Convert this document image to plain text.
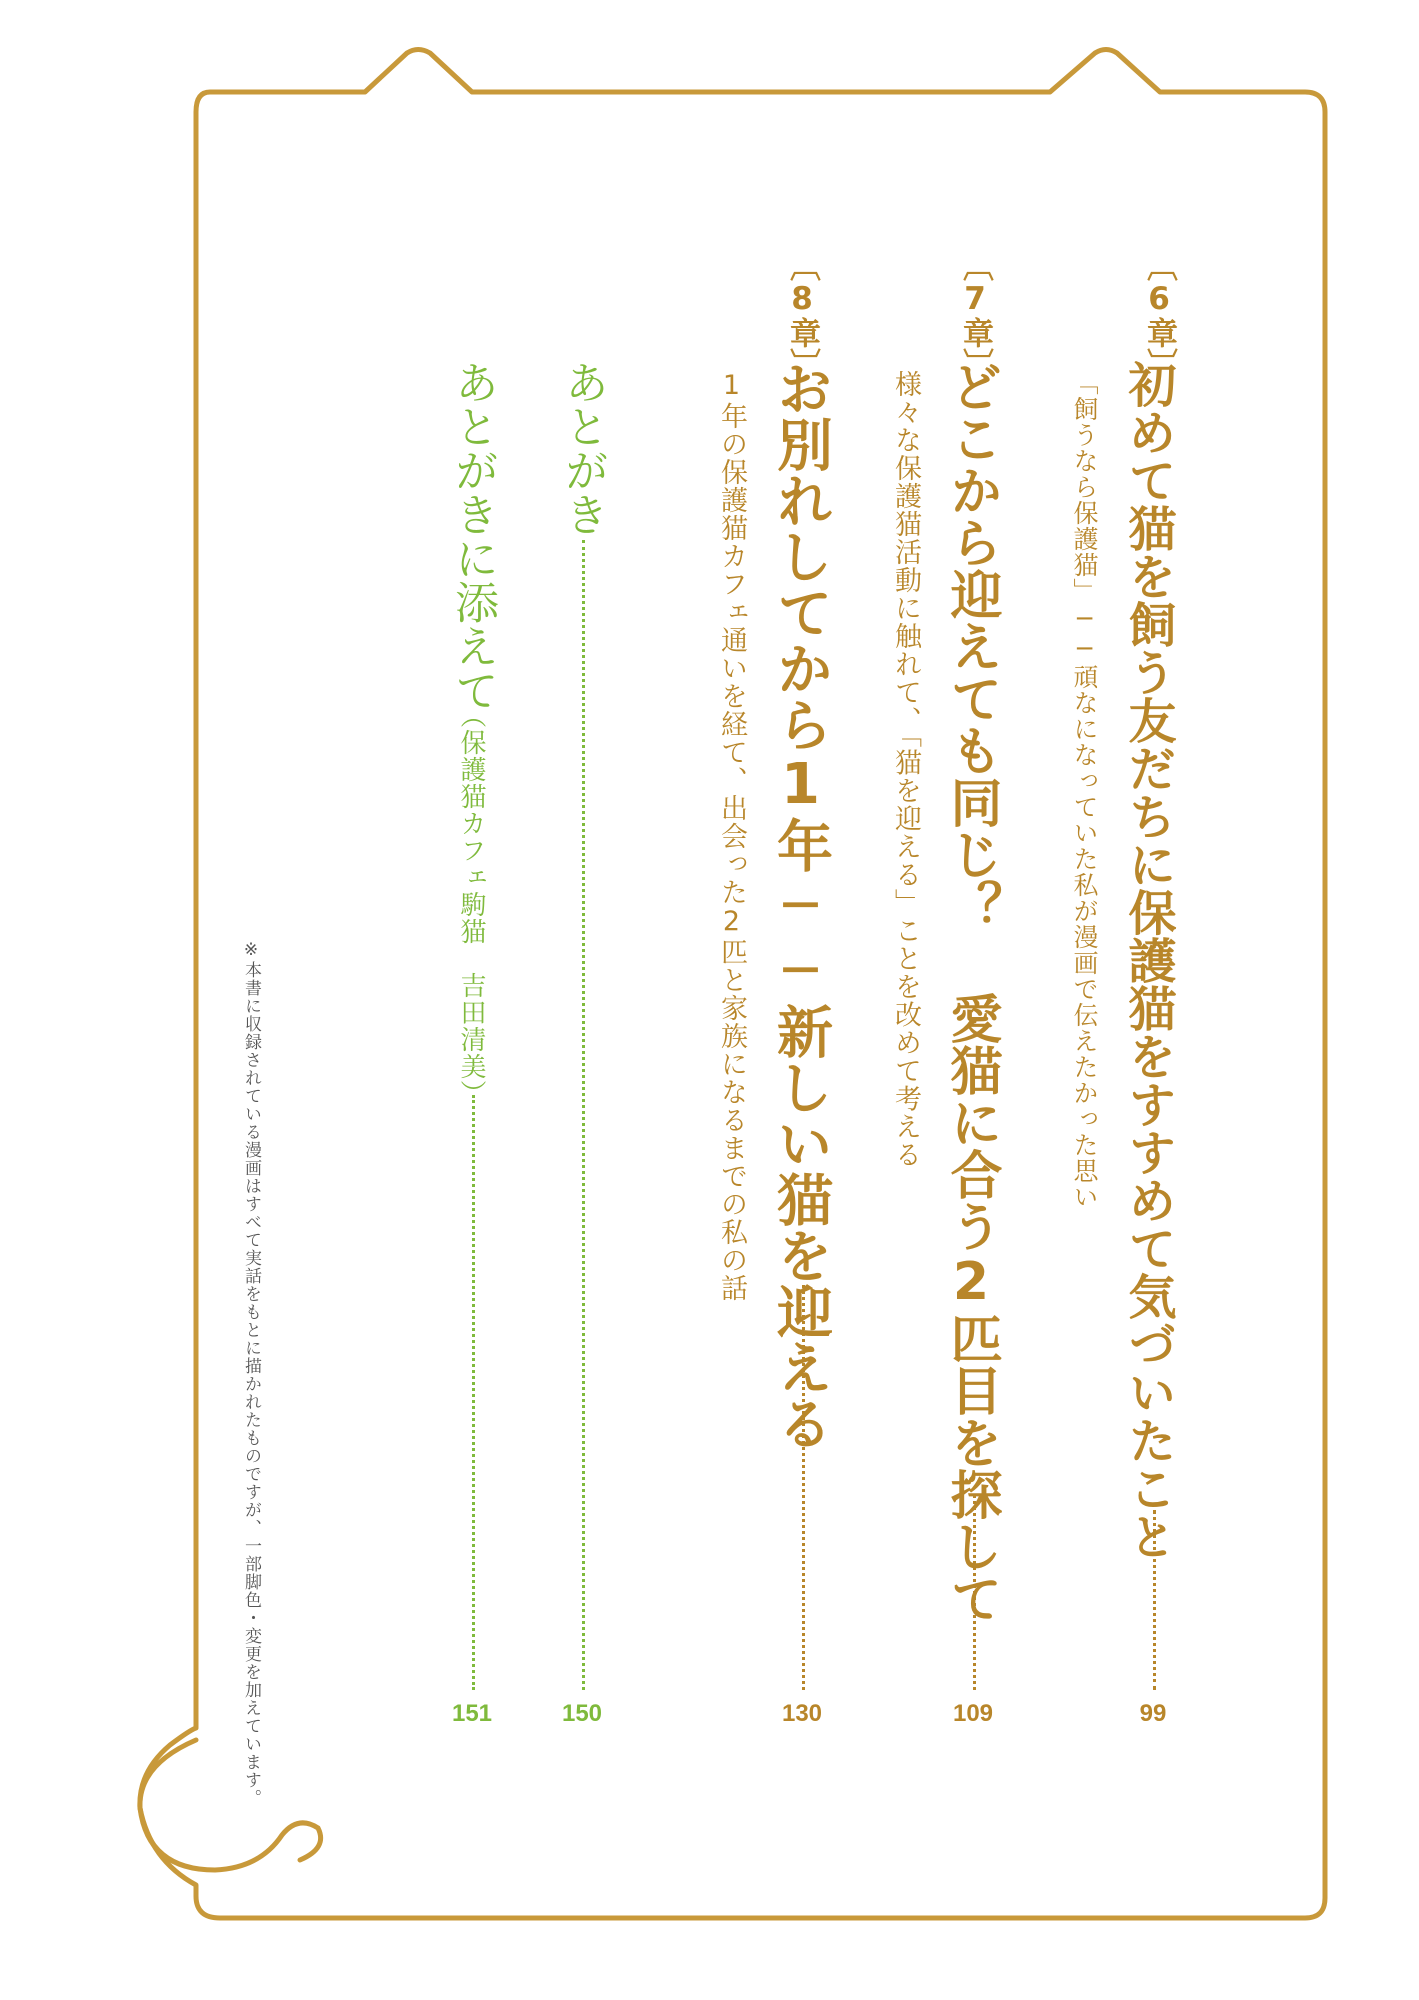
〔6章〕
初めて猫を飼う友だちに保護猫をすすめて気づいたこと
「飼うなら保護猫」──頑なになっていた私が漫画で伝えたかった思い
99
〔7章〕
どこから迎えても同じ？ 愛猫に合う2匹目を探して
様々な保護猫活動に触れて、「猫を迎える」ことを改めて考える
109
〔8章〕
お別れしてから1年──新しい猫を迎える
1年の保護猫カフェ通いを経て、出会った2匹と家族になるまでの私の話
130
あとがき
150
あとがきに添えて
（保護猫カフェ駒猫　吉田清美）
151
※本書に収録されている漫画はすべて実話をもとに描かれたものですが、一部脚色・変更を加えています。
